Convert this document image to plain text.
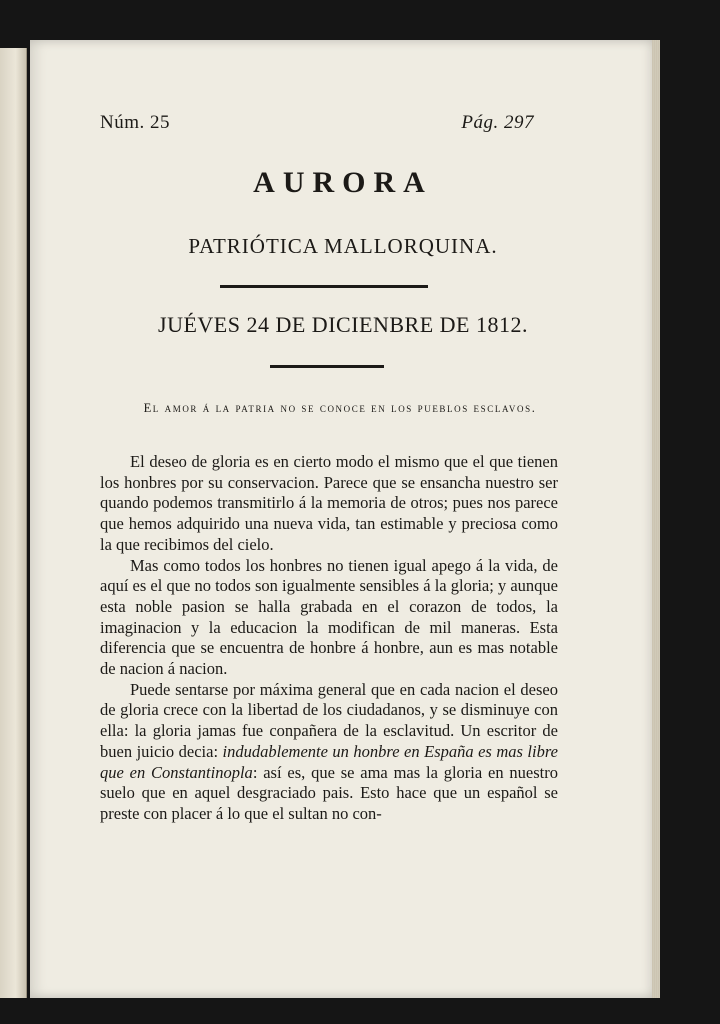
Núm. 25	Pág. 297
AURORA
PATRIÓTICA MALLORQUINA.
JUÉVES 24 DE DICIENBRE DE 1812.
El amor á la patria no se conoce en los pueblos esclavos.

El deseo de gloria es en cierto modo el mismo que el que tienen los honbres por su conservacion. Parece que se ensancha nuestro ser quando podemos transmitirlo á la memoria de otros; pues nos parece que hemos adquirido una nueva vida, tan estimable y preciosa como la que recibimos del cielo.

Mas como todos los honbres no tienen igual apego á la vida, de aquí es el que no todos son igualmente sensibles á la gloria; y aunque esta noble pasion se halla grabada en el corazon de todos, la imaginacion y la educacion la modifican de mil maneras. Esta diferencia que se encuentra de honbre á honbre, aun es mas notable de nacion á nacion.

Puede sentarse por máxima general que en cada nacion el deseo de gloria crece con la libertad de los ciudadanos, y se disminuye con ella: la gloria jamas fue conpañera de la esclavitud. Un escritor de buen juicio decia: indudablemente un honbre en España es mas libre que en Constantinopla: así es, que se ama mas la gloria en nuestro suelo que en aquel desgraciado pais. Esto hace que un español se preste con placer á lo que el sultan no con-
